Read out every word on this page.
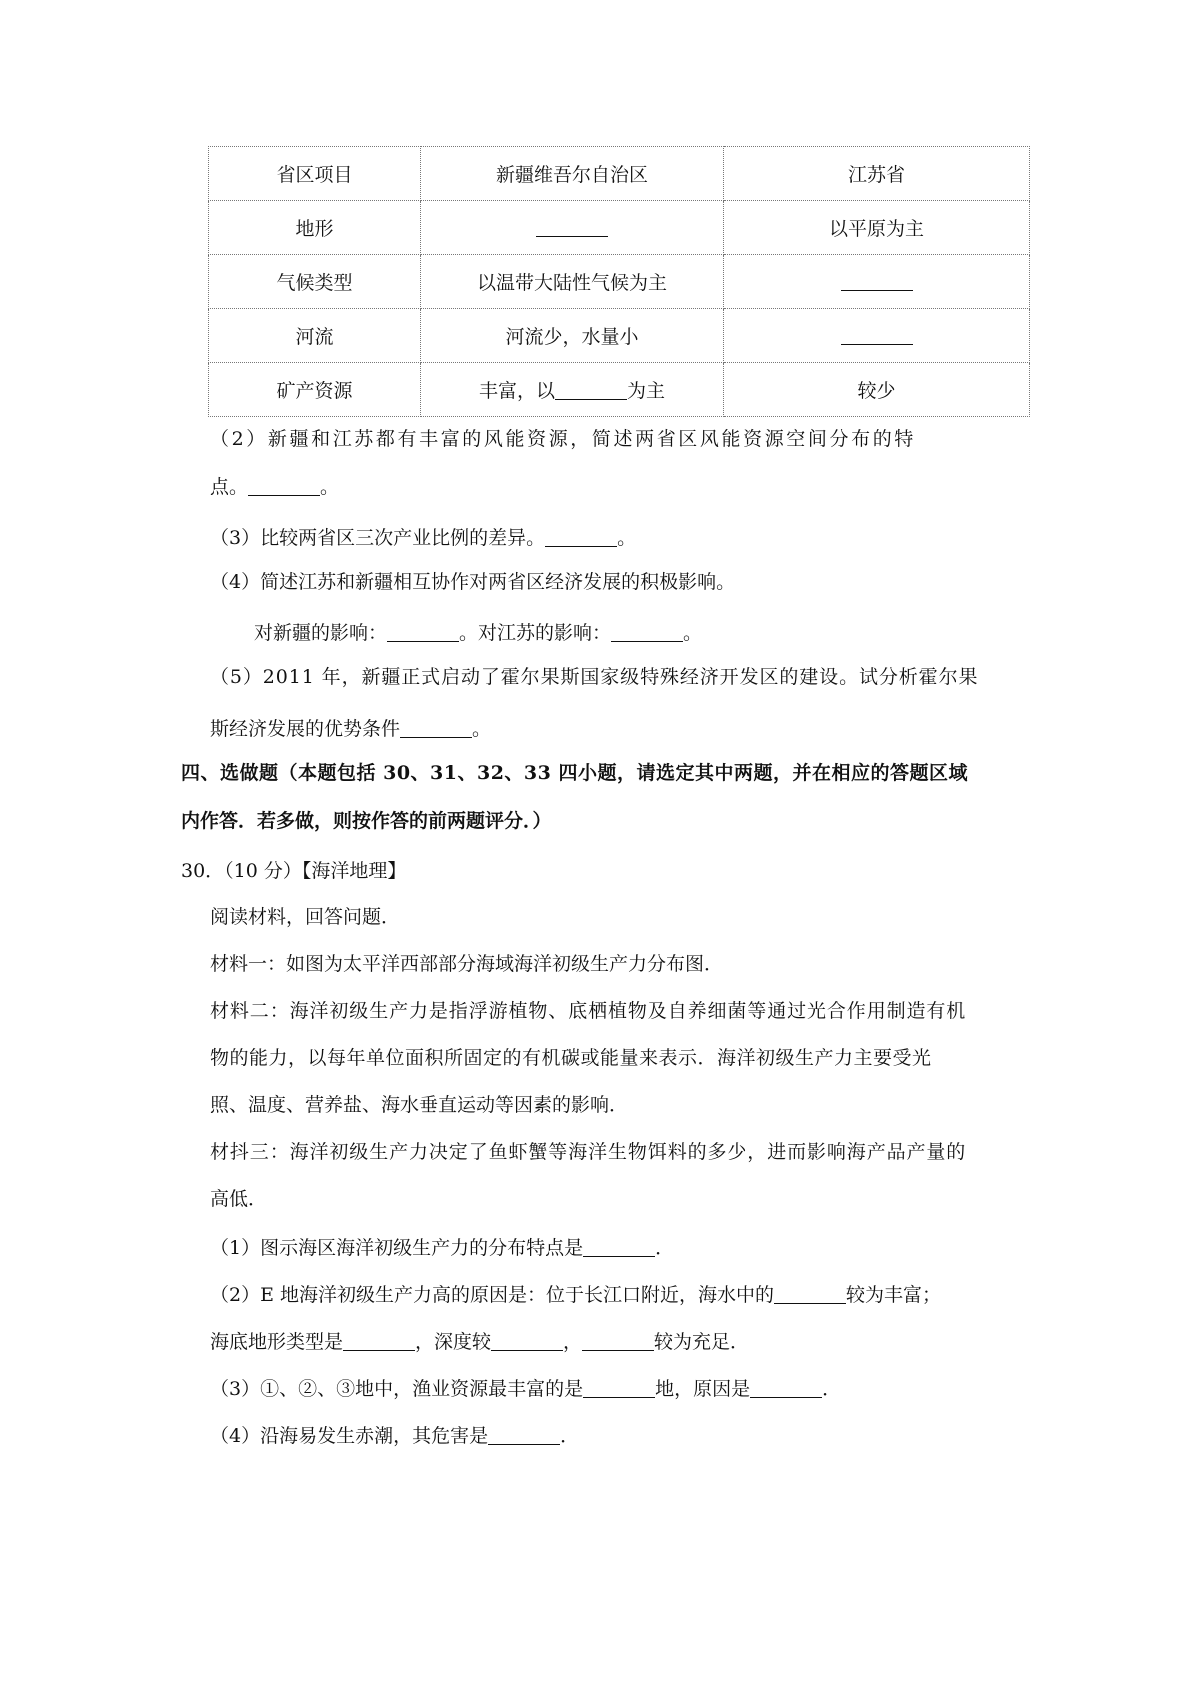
省区项目	新疆维吾尔自治区	江苏省
地形		以平原为主
气候类型	以温带大陆性气候为主	
河流	河流少，水量小	
矿产资源	丰富，以 为主	较少
（2）新疆和江苏都有丰富的风能资源，简述两省区风能资源空间分布的特
点。	。
（3）比较两省区三次产业比例的差异。	。
（4）简述江苏和新疆相互协作对两省区经济发展的积极影响。
对新疆的影响：	。对江苏的影响：	。
（5）2011 年，新疆正式启动了霍尔果斯国家级特殊经济开发区的建设。试分析霍尔果
斯经济发展的优势条件	。
四、选做题（本题包括 30、31、32、33 四小题，请选定其中两题，并在相应的答题区域
内作答．若多做，则按作答的前两题评分．）
30．（10 分）【海洋地理】
阅读材料，回答问题．
材料一：如图为太平洋西部部分海域海洋初级生产力分布图．
材料二：海洋初级生产力是指浮游植物、底栖植物及自养细菌等通过光合作用制造有机
物的能力，以每年单位面积所固定的有机碳或能量来表示．海洋初级生产力主要受光
照、温度、营养盐、海水垂直运动等因素的影响．
材抖三：海洋初级生产力决定了鱼虾蟹等海洋生物饵料的多少，进而影响海产品产量的
高低．
（1）图示海区海洋初级生产力的分布特点是	．
（2）E 地海洋初级生产力高的原因是：位于长江口附近，海水中的	较为丰富；
海底地形类型是	，深度较	，	较为充足．
（3）①、②、③地中，渔业资源最丰富的是	地，原因是	．
（4）沿海易发生赤潮，其危害是	．
